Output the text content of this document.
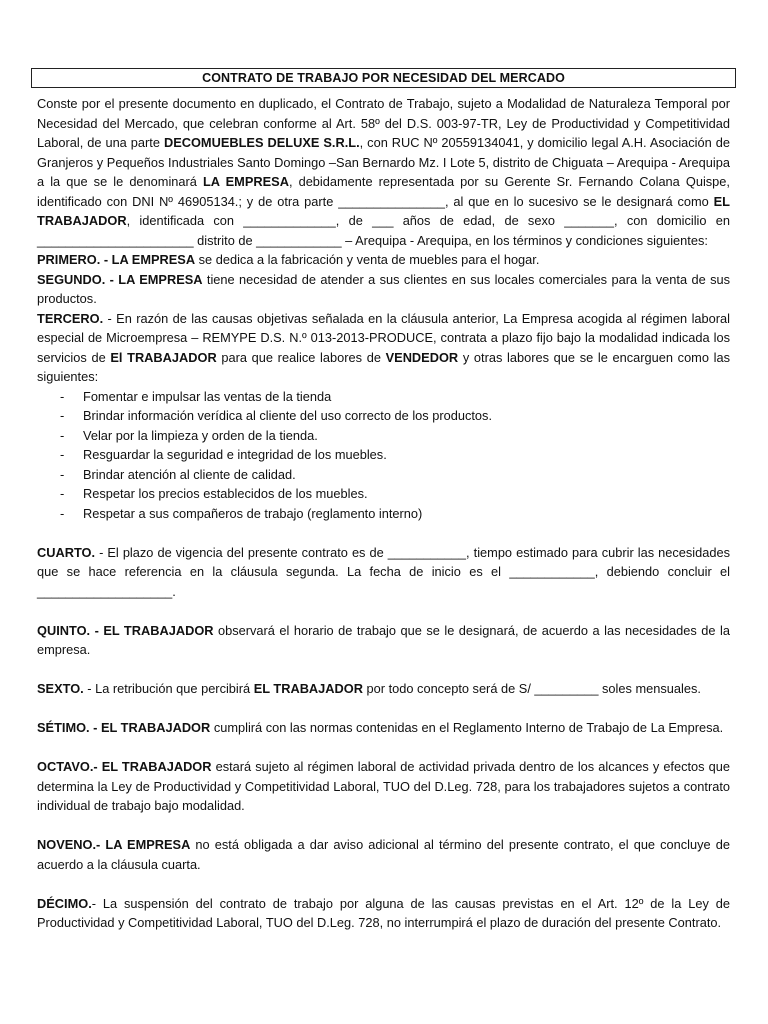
CONTRATO DE TRABAJO POR NECESIDAD DEL MERCADO

Conste por el presente documento en duplicado, el Contrato de Trabajo, sujeto a Modalidad de Naturaleza Temporal por Necesidad del Mercado, que celebran conforme al Art. 58º del D.S. 003-97-TR, Ley de Productividad y Competitividad Laboral, de una parte DECOMUEBLES DELUXE S.R.L., con RUC Nº 20559134041, y domicilio legal A.H. Asociación de Granjeros y Pequeños Industriales Santo Domingo –San Bernardo Mz. I Lote 5, distrito de Chiguata – Arequipa - Arequipa a la que se le denominará LA EMPRESA, debidamente representada por su Gerente Sr. Fernando Colana Quispe, identificado con DNI Nº 46905134.; y de otra parte _______________, al que en lo sucesivo se le designará como EL TRABAJADOR, identificada con _____________, de ___ años de edad, de sexo _______, con domicilio en ______________________ distrito de ____________ – Arequipa - Arequipa, en los términos y condiciones siguientes:

PRIMERO. - LA EMPRESA se dedica a la fabricación y venta de muebles para el hogar.

SEGUNDO. - LA EMPRESA tiene necesidad de atender a sus clientes en sus locales comerciales para la venta de sus productos.

TERCERO. - En razón de las causas objetivas señalada en la cláusula anterior, La Empresa acogida al régimen laboral especial de Microempresa – REMYPE D.S. N.º 013-2013-PRODUCE, contrata a plazo fijo bajo la modalidad indicada los servicios de El TRABAJADOR para que realice labores de VENDEDOR y otras labores que se le encarguen como las siguientes:

- Fomentar e impulsar las ventas de la tienda
- Brindar información verídica al cliente del uso correcto de los productos.
- Velar por la limpieza y orden de la tienda.
- Resguardar la seguridad e integridad de los muebles.
- Brindar atención al cliente de calidad.
- Respetar los precios establecidos de los muebles.
- Respetar a sus compañeros de trabajo (reglamento interno)

CUARTO. - El plazo de vigencia del presente contrato es de ___________, tiempo estimado para cubrir las necesidades que se hace referencia en la cláusula segunda. La fecha de inicio es el ____________, debiendo concluir el ___________________.

QUINTO. - EL TRABAJADOR observará el horario de trabajo que se le designará, de acuerdo a las necesidades de la empresa.

SEXTO. - La retribución que percibirá EL TRABAJADOR por todo concepto será de S/ _________ soles mensuales.

SÉTIMO. - EL TRABAJADOR cumplirá con las normas contenidas en el Reglamento Interno de Trabajo de La Empresa.

OCTAVO.- EL TRABAJADOR estará sujeto al régimen laboral de actividad privada dentro de los alcances y efectos que determina la Ley de Productividad y Competitividad Laboral, TUO del D.Leg. 728, para los trabajadores sujetos a contrato individual de trabajo bajo modalidad.

NOVENO.- LA EMPRESA no está obligada a dar aviso adicional al término del presente contrato, el que concluye de acuerdo a la cláusula cuarta.

DÉCIMO.- La suspensión del contrato de trabajo por alguna de las causas previstas en el Art. 12º de la Ley de Productividad y Competitividad Laboral, TUO del D.Leg. 728, no interrumpirá el plazo de duración del presente Contrato.
